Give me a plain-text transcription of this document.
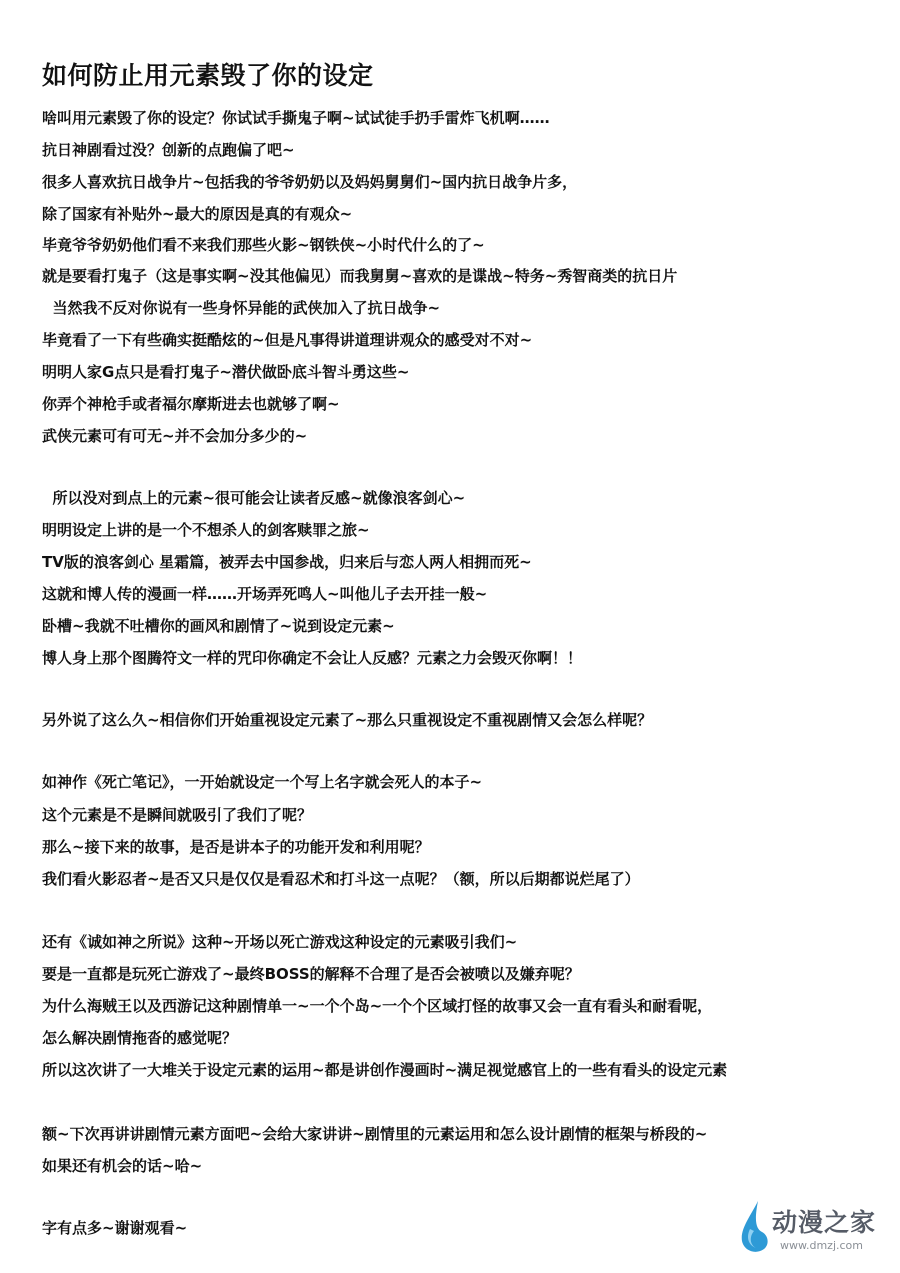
如何防止用元素毁了你的设定
啥叫用元素毁了你的设定？你试试手撕鬼子啊~试试徒手扔手雷炸飞机啊……
抗日神剧看过没？创新的点跑偏了吧~
很多人喜欢抗日战争片~包括我的爷爷奶奶以及妈妈舅舅们~国内抗日战争片多，
除了国家有补贴外~最大的原因是真的有观众~
毕竟爷爷奶奶他们看不来我们那些火影~钢铁侠~小时代什么的了~
就是要看打鬼子（这是事实啊~没其他偏见）而我舅舅~喜欢的是谍战~特务~秀智商类的抗日片
当然我不反对你说有一些身怀异能的武侠加入了抗日战争~
毕竟看了一下有些确实挺酷炫的~但是凡事得讲道理讲观众的感受对不对~
明明人家G点只是看打鬼子~潜伏做卧底斗智斗勇这些~
你弄个神枪手或者福尔摩斯进去也就够了啊~
武侠元素可有可无~并不会加分多少的~
所以没对到点上的元素~很可能会让读者反感~就像浪客剑心~
明明设定上讲的是一个不想杀人的剑客赎罪之旅~
TV版的浪客剑心 星霜篇，被弄去中国参战，归来后与恋人两人相拥而死~
这就和博人传的漫画一样……开场弄死鸣人~叫他儿子去开挂一般~
卧槽~我就不吐槽你的画风和剧情了~说到设定元素~
博人身上那个图腾符文一样的咒印你确定不会让人反感？元素之力会毁灭你啊！！
另外说了这么久~相信你们开始重视设定元素了~那么只重视设定不重视剧情又会怎么样呢？
如神作《死亡笔记》，一开始就设定一个写上名字就会死人的本子~
这个元素是不是瞬间就吸引了我们了呢？
那么~接下来的故事，是否是讲本子的功能开发和利用呢？
我们看火影忍者~是否又只是仅仅是看忍术和打斗这一点呢？（额，所以后期都说烂尾了）
还有《诚如神之所说》这种~开场以死亡游戏这种设定的元素吸引我们~
要是一直都是玩死亡游戏了~最终BOSS的解释不合理了是否会被喷以及嫌弃呢？
为什么海贼王以及西游记这种剧情单一~一个个岛~一个个区域打怪的故事又会一直有看头和耐看呢，
怎么解决剧情拖沓的感觉呢？
所以这次讲了一大堆关于设定元素的运用~都是讲创作漫画时~满足视觉感官上的一些有看头的设定元素
额~下次再讲讲剧情元素方面吧~会给大家讲讲~剧情里的元素运用和怎么设计剧情的框架与桥段的~
如果还有机会的话~哈~
字有点多~谢谢观看~	动漫之家
www.dmzj.com
